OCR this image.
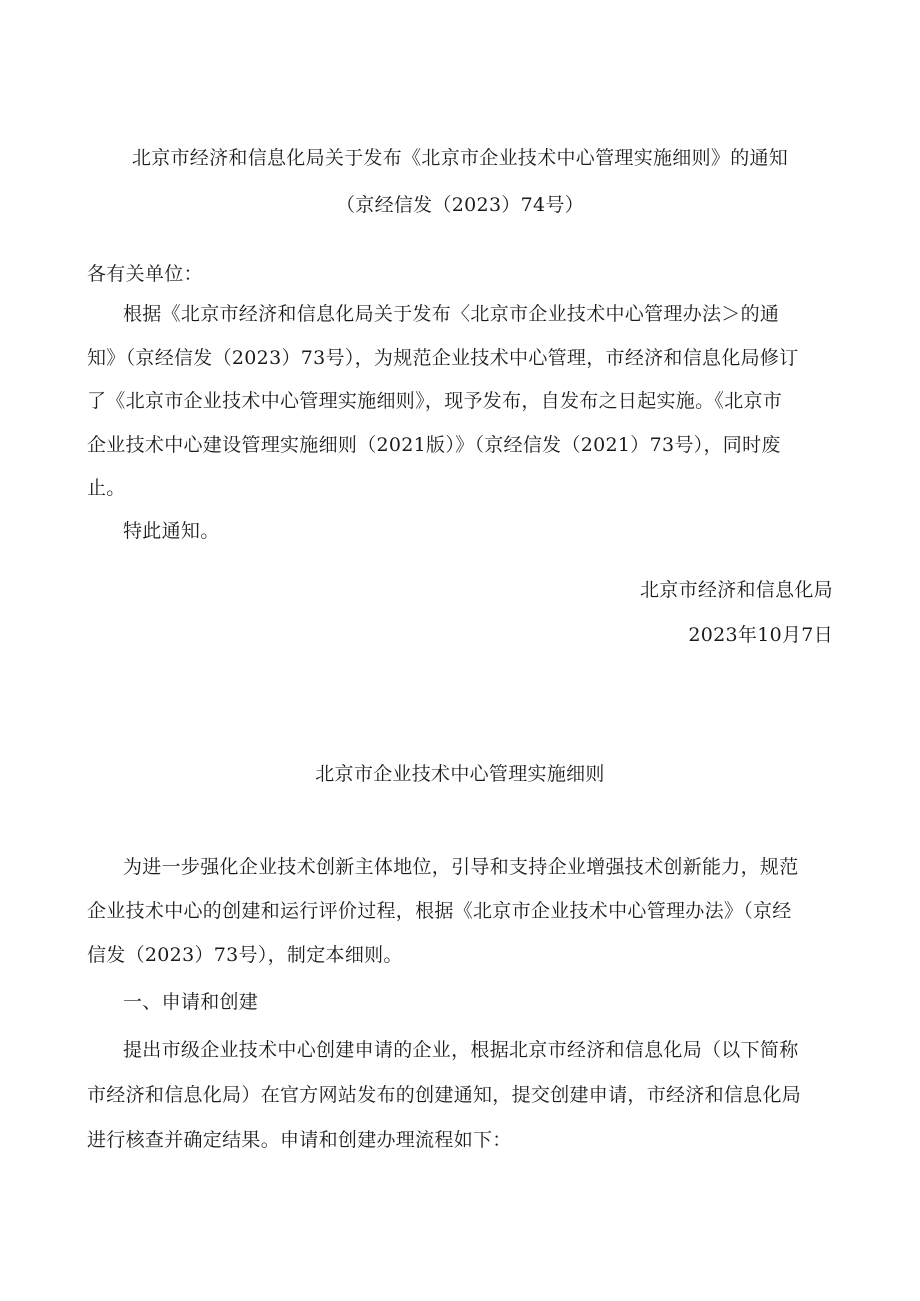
北京市经济和信息化局关于发布《北京市企业技术中心管理实施细则》的通知
（京经信发（2023）74号）
各有关单位：
根据《北京市经济和信息化局关于发布〈北京市企业技术中心管理办法＞的通
知》（京经信发（2023）73号），为规范企业技术中心管理，市经济和信息化局修订
了《北京市企业技术中心管理实施细则》，现予发布，自发布之日起实施。《北京市
企业技术中心建设管理实施细则（2021版）》（京经信发（2021）73号），同时废
止。
特此通知。
北京市经济和信息化局
2023年10月7日
北京市企业技术中心管理实施细则
为进一步强化企业技术创新主体地位，引导和支持企业增强技术创新能力，规范
企业技术中心的创建和运行评价过程，根据《北京市企业技术中心管理办法》（京经
信发（2023）73号），制定本细则。
一、申请和创建
提出市级企业技术中心创建申请的企业，根据北京市经济和信息化局（以下简称
市经济和信息化局）在官方网站发布的创建通知，提交创建申请，市经济和信息化局
进行核查并确定结果。申请和创建办理流程如下：
